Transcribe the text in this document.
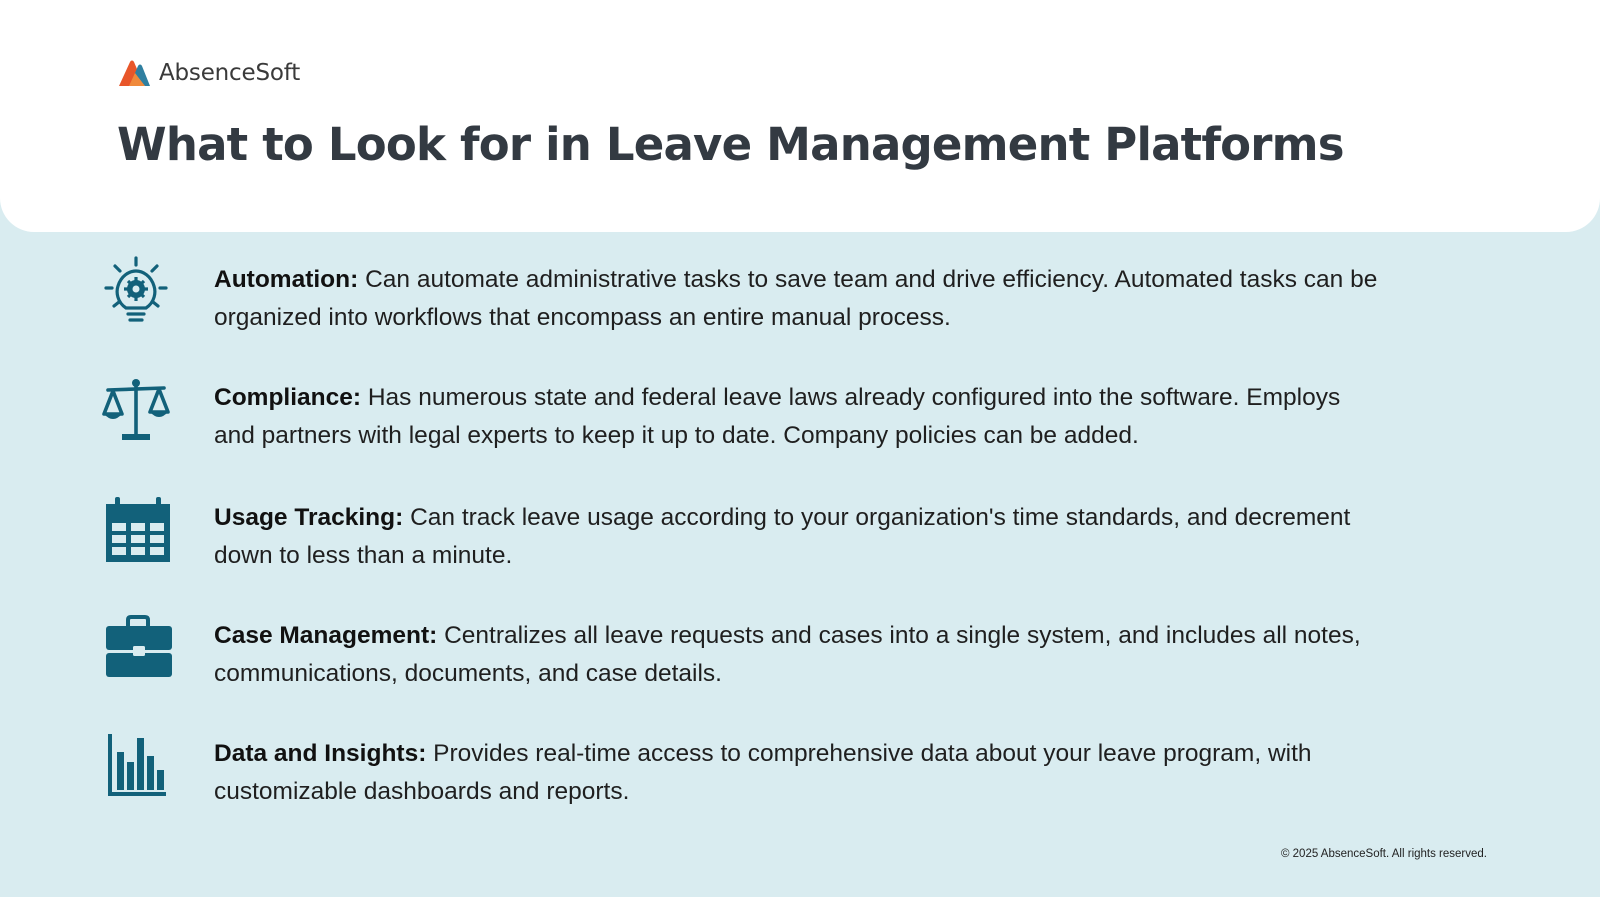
AbsenceSoft
What to Look for in Leave Management Platforms

Automation: Can automate administrative tasks to save team and drive efficiency. Automated tasks can be organized into workflows that encompass an entire manual process.

Compliance: Has numerous state and federal leave laws already configured into the software. Employs and partners with legal experts to keep it up to date. Company policies can be added.

Usage Tracking: Can track leave usage according to your organization's time standards, and decrement down to less than a minute.

Case Management: Centralizes all leave requests and cases into a single system, and includes all notes, communications, documents, and case details.

Data and Insights: Provides real-time access to comprehensive data about your leave program, with customizable dashboards and reports.

© 2025 AbsenceSoft. All rights reserved.
